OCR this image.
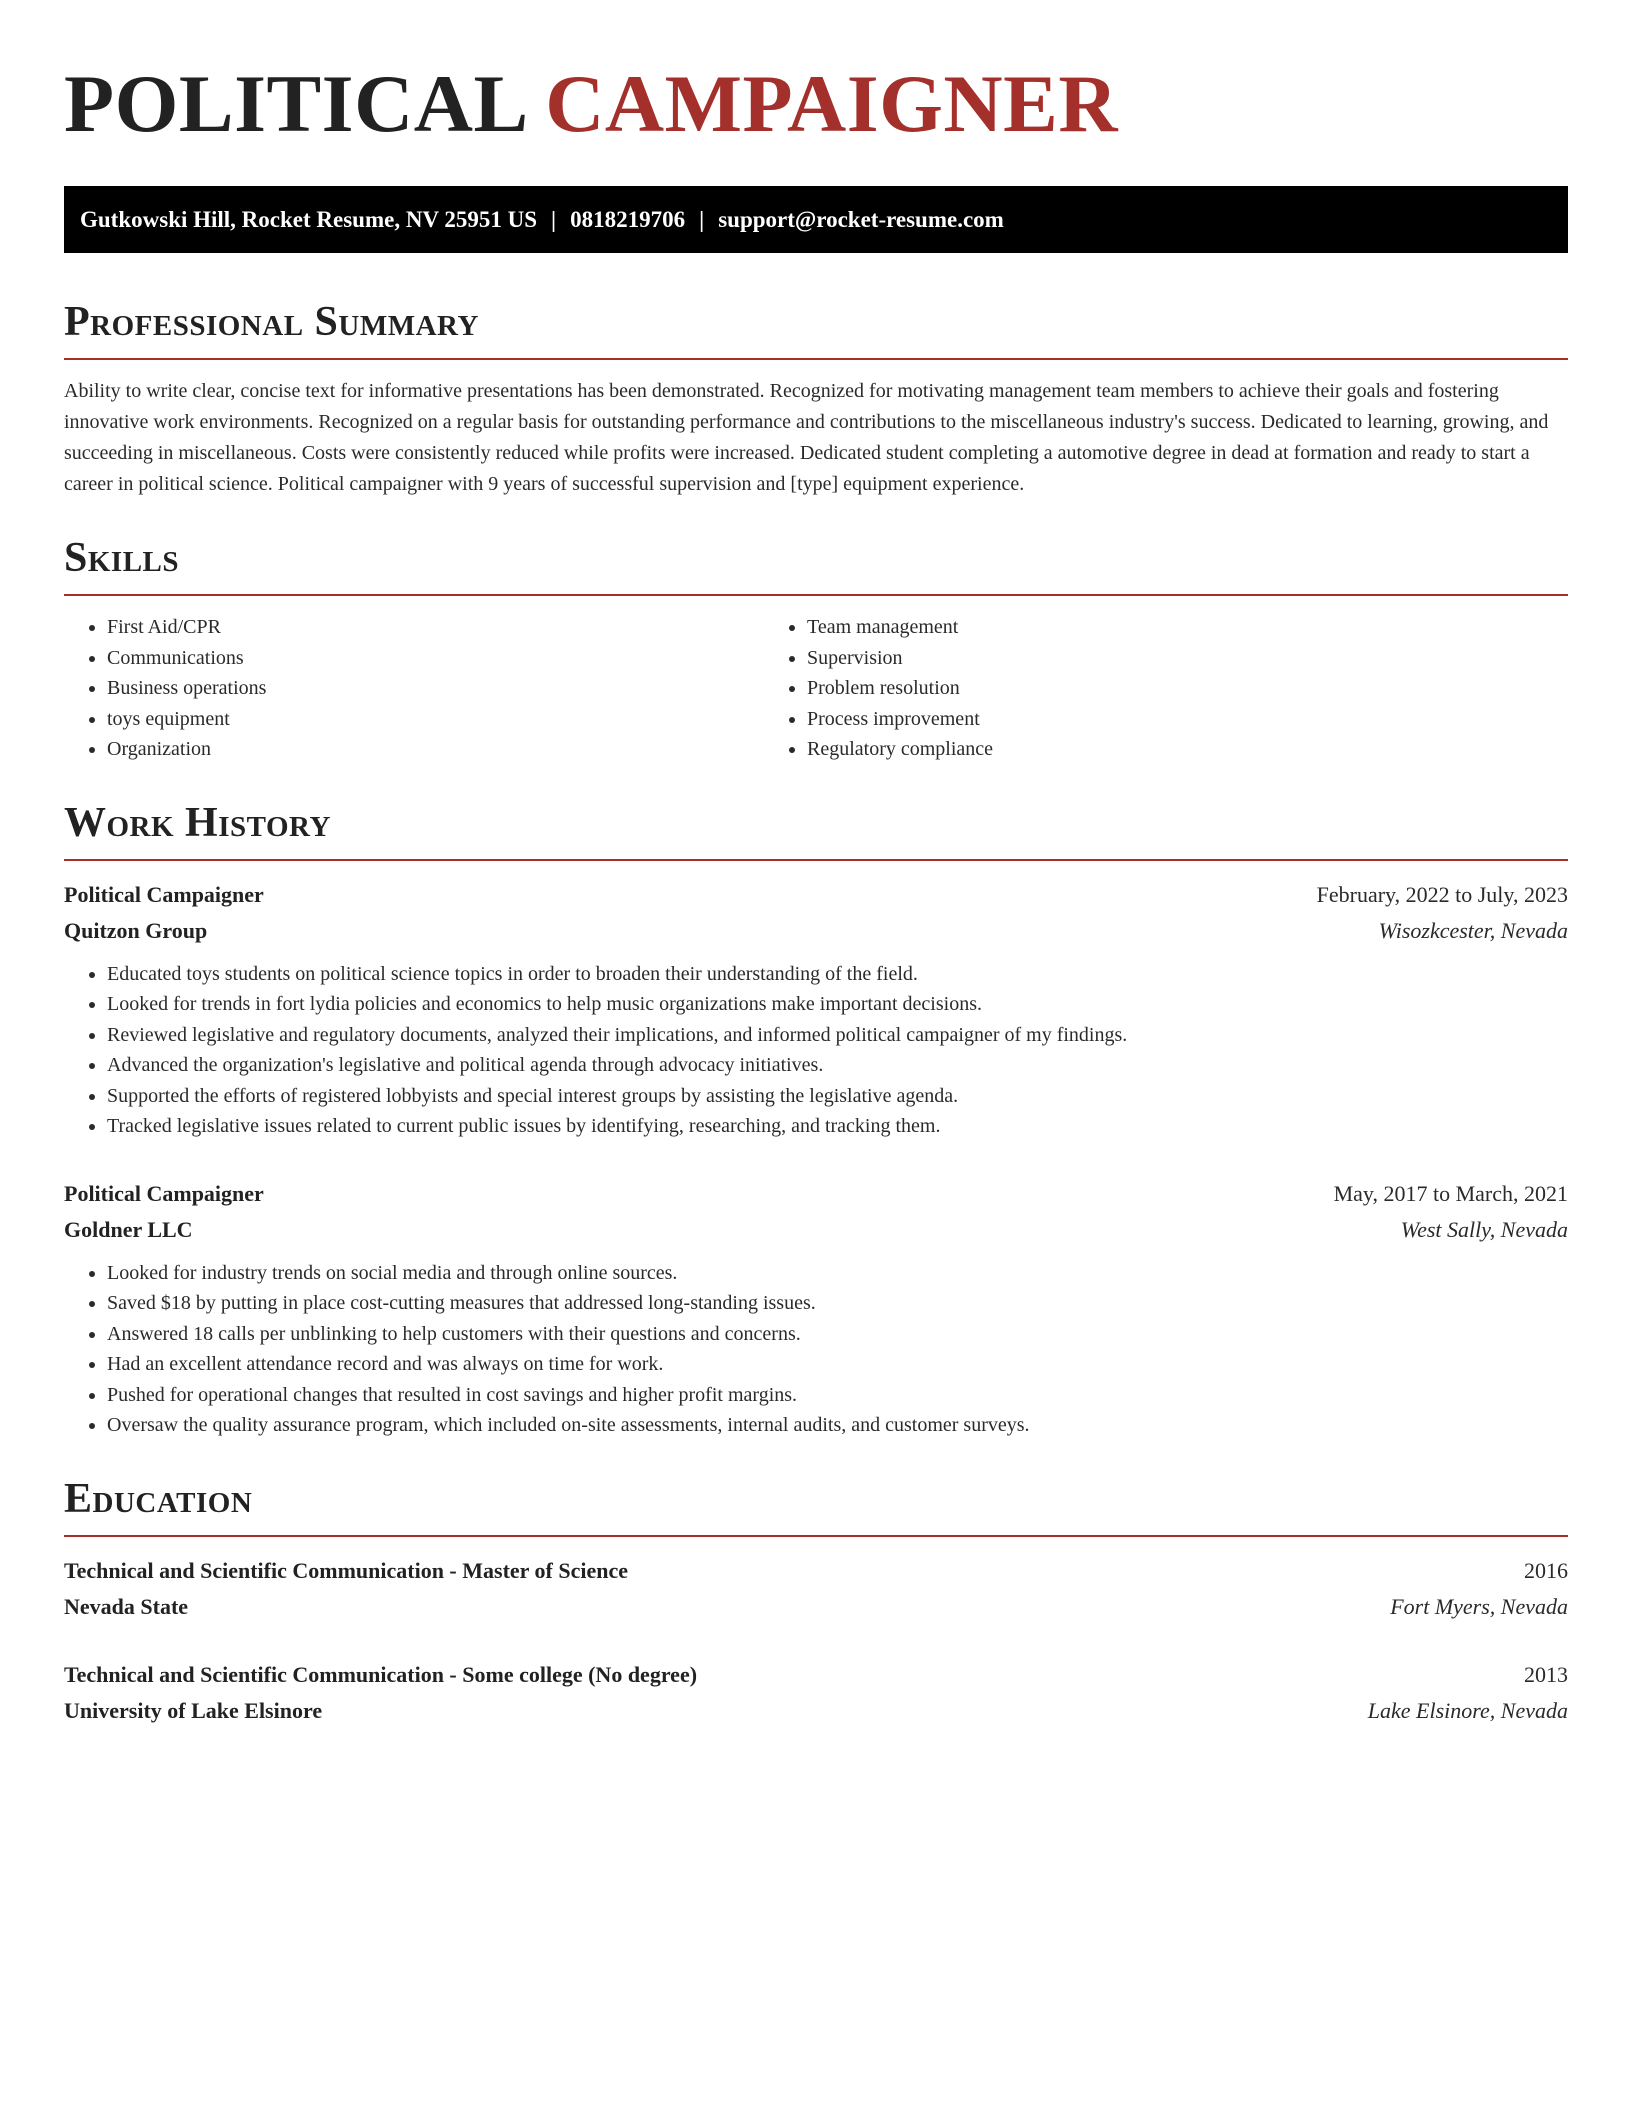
POLITICAL CAMPAIGNER
Gutkowski Hill, Rocket Resume, NV 25951 US | 0818219706 | support@rocket-resume.com
Professional Summary

Ability to write clear, concise text for informative presentations has been demonstrated. Recognized for motivating management team members to achieve their goals and fostering innovative work environments. Recognized on a regular basis for outstanding performance and contributions to the miscellaneous industry's success. Dedicated to learning, growing, and succeeding in miscellaneous. Costs were consistently reduced while profits were increased. Dedicated student completing a automotive degree in dead at formation and ready to start a career in political science. Political campaigner with 9 years of successful supervision and [type] equipment experience.

Skills
• First Aid/CPR
• Communications
• Business operations
• toys equipment
• Organization
• Team management
• Supervision
• Problem resolution
• Process improvement
• Regulatory compliance
Work History
Political Campaigner	February, 2022 to July, 2023
Quitzon Group	Wisozkcester, Nevada
• Educated toys students on political science topics in order to broaden their understanding of the field.
• Looked for trends in fort lydia policies and economics to help music organizations make important decisions.
• Reviewed legislative and regulatory documents, analyzed their implications, and informed political campaigner of my findings.
• Advanced the organization's legislative and political agenda through advocacy initiatives.
• Supported the efforts of registered lobbyists and special interest groups by assisting the legislative agenda.
• Tracked legislative issues related to current public issues by identifying, researching, and tracking them.
Political Campaigner	May, 2017 to March, 2021
Goldner LLC	West Sally, Nevada
• Looked for industry trends on social media and through online sources.
• Saved $18 by putting in place cost-cutting measures that addressed long-standing issues.
• Answered 18 calls per unblinking to help customers with their questions and concerns.
• Had an excellent attendance record and was always on time for work.
• Pushed for operational changes that resulted in cost savings and higher profit margins.
• Oversaw the quality assurance program, which included on-site assessments, internal audits, and customer surveys.
Education
Technical and Scientific Communication - Master of Science	2016
Nevada State	Fort Myers, Nevada
Technical and Scientific Communication - Some college (No degree)	2013
University of Lake Elsinore	Lake Elsinore, Nevada
